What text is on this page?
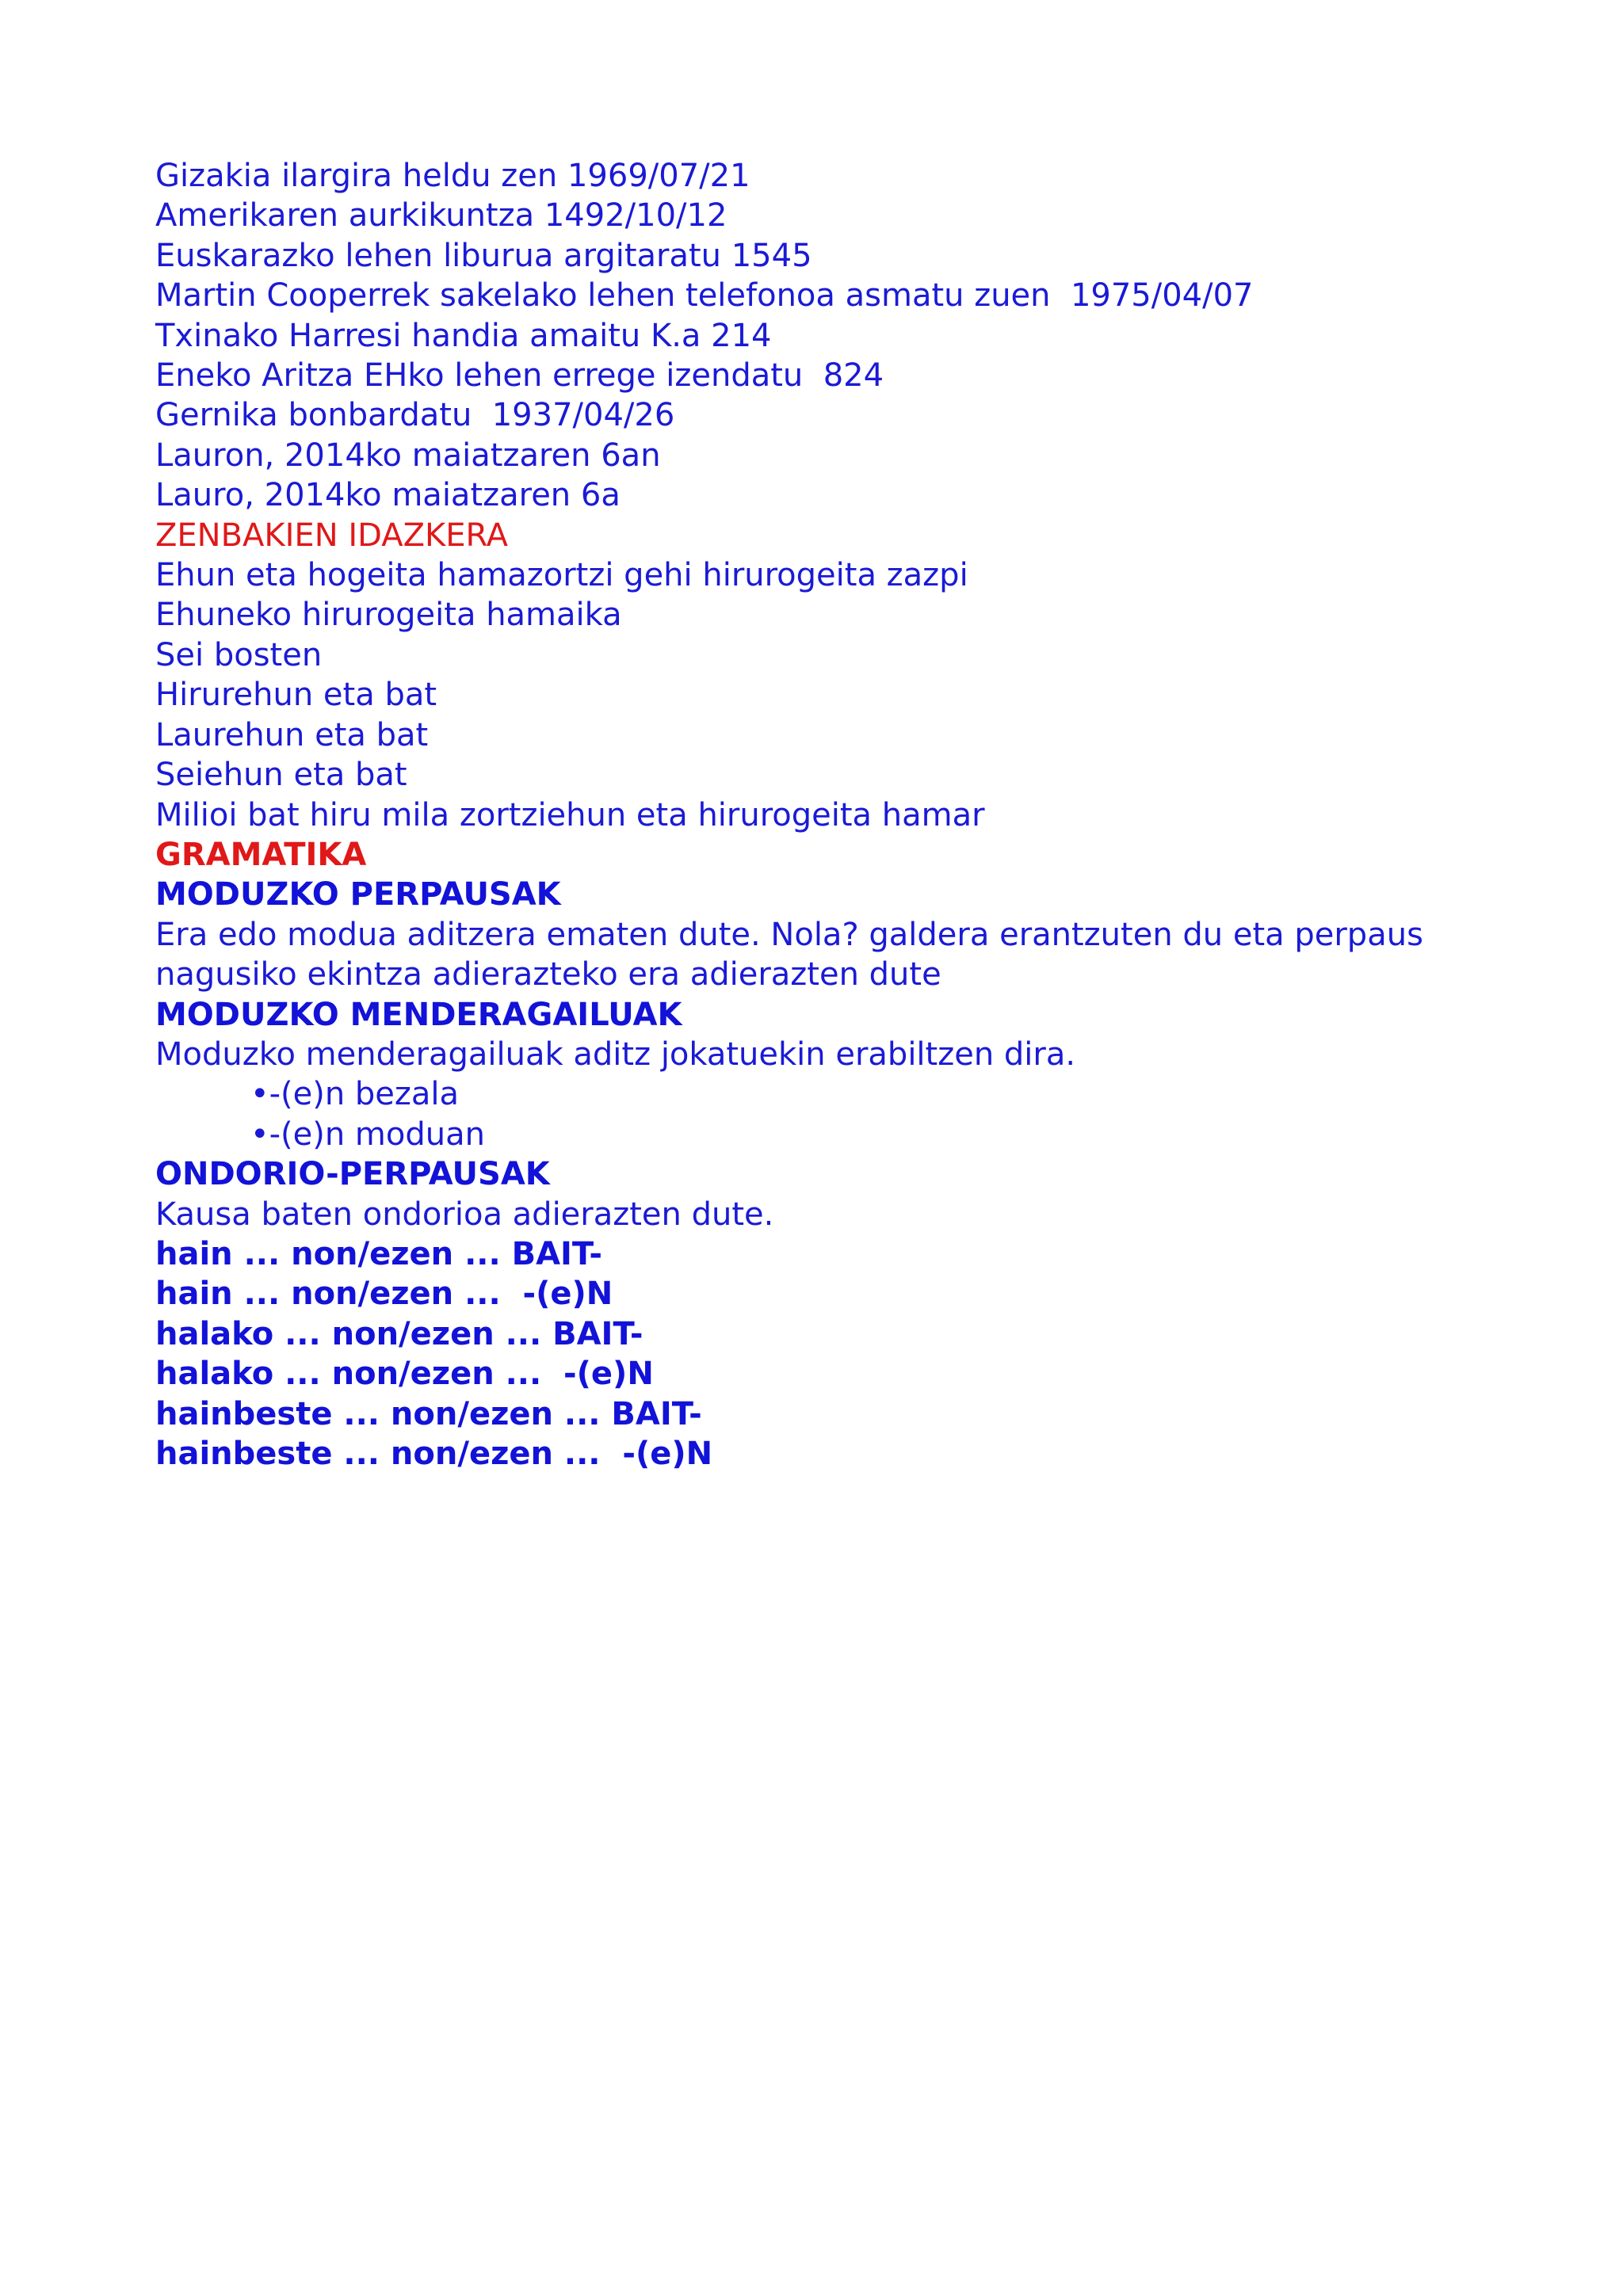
Gizakia ilargira heldu zen 1969/07/21
Amerikaren aurkikuntza 1492/10/12
Euskarazko lehen liburua argitaratu 1545
Martin Cooperrek sakelako lehen telefonoa asmatu zuen  1975/04/07
Txinako Harresi handia amaitu K.a 214
Eneko Aritza EHko lehen errege izendatu  824
Gernika bonbardatu  1937/04/26
Lauron, 2014ko maiatzaren 6an
Lauro, 2014ko maiatzaren 6a
ZENBAKIEN IDAZKERA
Ehun eta hogeita hamazortzi gehi hirurogeita zazpi
Ehuneko hirurogeita hamaika
Sei bosten
Hirurehun eta bat
Laurehun eta bat
Seiehun eta bat
Milioi bat hiru mila zortziehun eta hirurogeita hamar
GRAMATIKA
MODUZKO PERPAUSAK
Era edo modua aditzera ematen dute. Nola? galdera erantzuten du eta perpaus nagusiko ekintza adierazteko era adierazten dute
MODUZKO MENDERAGAILUAK
Moduzko menderagailuak aditz jokatuekin erabiltzen dira.
•-(e)n bezala
•-(e)n moduan
ONDORIO-PERPAUSAK
Kausa baten ondorioa adierazten dute.
hain ... non/ezen ... BAIT-
hain ... non/ezen ...  -(e)N
halako ... non/ezen ... BAIT-
halako ... non/ezen ...  -(e)N
hainbeste ... non/ezen ... BAIT-
hainbeste ... non/ezen ...  -(e)N
